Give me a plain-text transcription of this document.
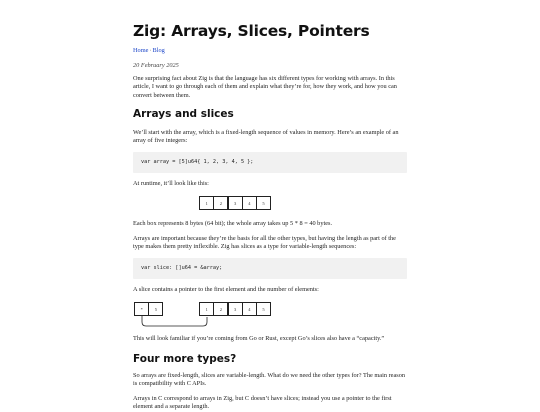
Zig: Arrays, Slices, Pointers
Home·Blog
20 February 2025

One surprising fact about Zig is that the language has six different types for working with arrays. In this article, I want to go through each of them and explain what they’re for, how they work, and how you can convert between them.

Arrays and slices

We’ll start with the array, which is a fixed-length sequence of values in memory. Here’s an example of an array of five integers:

var array = [5]u64{ 1, 2, 3, 4, 5 };

At runtime, it’ll look like this:

1	2	3	4	5

Each box represents 8 bytes (64 bit); the whole array takes up 5 * 8 = 40 bytes.

Arrays are important because they’re the basis for all the other types, but having the length as part of the type makes them pretty inflexible. Zig has slices as a type for variable-length sequences:

var slice: []u64 = &array;

A slice contains a pointer to the first element and the number of elements:

*	5	1	2	3	4	5

This will look familiar if you’re coming from Go or Rust, except Go’s slices also have a “capacity.”

Four more types?

So arrays are fixed-length, slices are variable-length. What do we need the other types for? The main reason is compatibility with C APIs.

Arrays in C correspond to arrays in Zig, but C doesn’t have slices; instead you use a pointer to the first element and a separate length.
